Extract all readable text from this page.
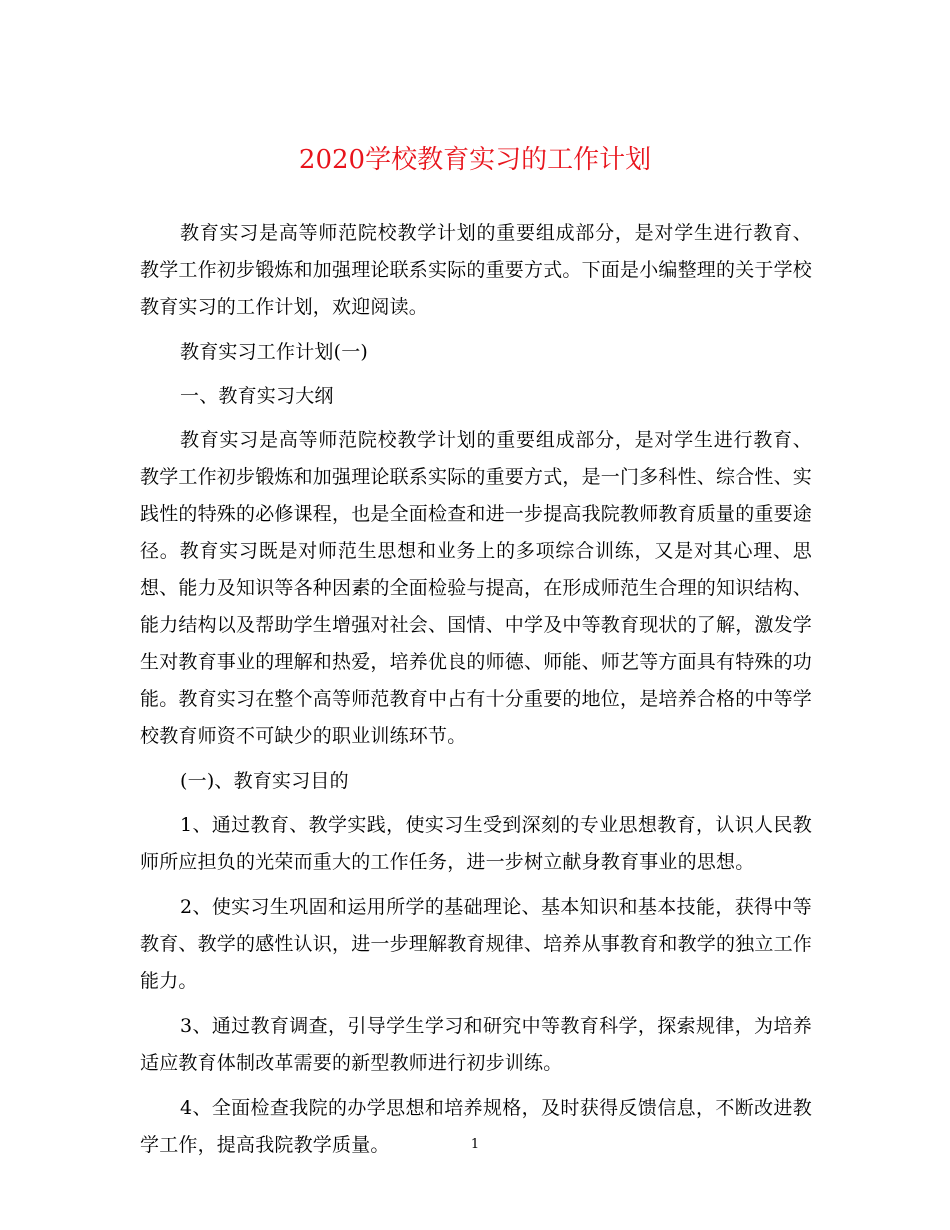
2020学校教育实习的工作计划

教育实习是高等师范院校教学计划的重要组成部分，是对学生进行教育、教学工作初步锻炼和加强理论联系实际的重要方式。下面是小编整理的关于学校教育实习的工作计划，欢迎阅读。

教育实习工作计划(一)

一、教育实习大纲

教育实习是高等师范院校教学计划的重要组成部分，是对学生进行教育、教学工作初步锻炼和加强理论联系实际的重要方式，是一门多科性、综合性、实践性的特殊的必修课程，也是全面检查和进一步提高我院教师教育质量的重要途径。教育实习既是对师范生思想和业务上的多项综合训练，又是对其心理、思想、能力及知识等各种因素的全面检验与提高，在形成师范生合理的知识结构、能力结构以及帮助学生增强对社会、国情、中学及中等教育现状的了解，激发学生对教育事业的理解和热爱，培养优良的师德、师能、师艺等方面具有特殊的功能。教育实习在整个高等师范教育中占有十分重要的地位，是培养合格的中等学校教育师资不可缺少的职业训练环节。

(一)、教育实习目的

1、通过教育、教学实践，使实习生受到深刻的专业思想教育，认识人民教师所应担负的光荣而重大的工作任务，进一步树立献身教育事业的思想。

2、使实习生巩固和运用所学的基础理论、基本知识和基本技能，获得中等教育、教学的感性认识，进一步理解教育规律、培养从事教育和教学的独立工作能力。

3、通过教育调查，引导学生学习和研究中等教育科学，探索规律，为培养适应教育体制改革需要的新型教师进行初步训练。

4、全面检查我院的办学思想和培养规格，及时获得反馈信息，不断改进教学工作，提高我院教学质量。	1
